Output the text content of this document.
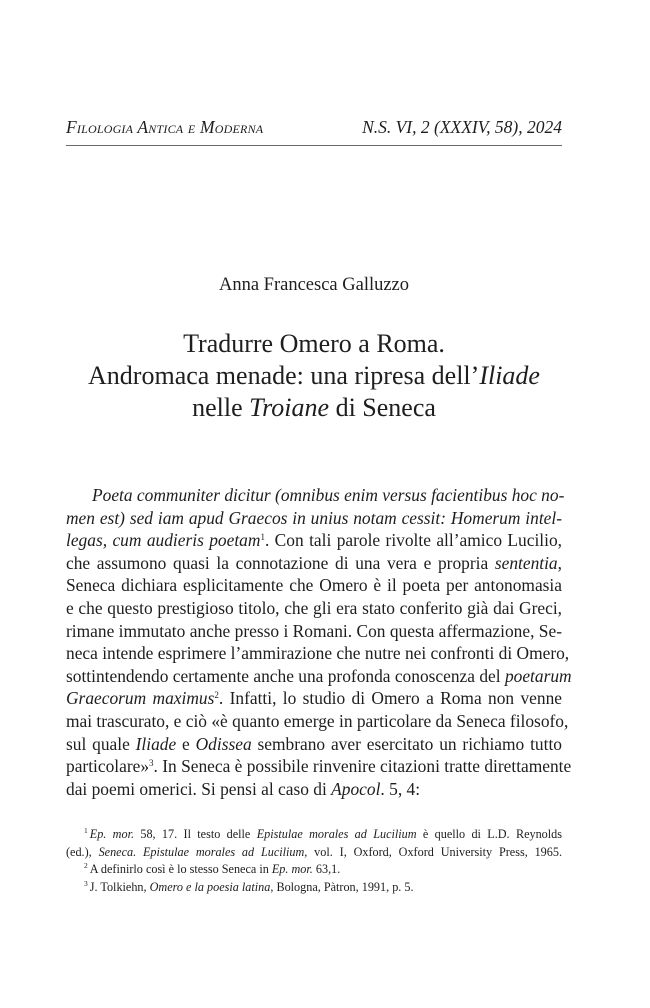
Filologia Antica e Moderna	N.S. VI, 2 (XXXIV, 58), 2024
Anna Francesca Galluzzo
Tradurre Omero a Roma.
Andromaca menade: una ripresa dell’Iliade
nelle Troiane di Seneca

Poeta communiter dicitur (omnibus enim versus facientibus hoc no-
men est) sed iam apud Graecos in unius notam cessit: Homerum intel-
legas, cum audieris poetam$^1$. Con tali parole rivolte all’amico Lucilio,
che assumono quasi la connotazione di una vera e propria sententia,
Seneca dichiara esplicitamente che Omero è il poeta per antonomasia
e che questo prestigioso titolo, che gli era stato conferito già dai Greci,
rimane immutato anche presso i Romani. Con questa affermazione, Se-
neca intende esprimere l’ammirazione che nutre nei confronti di Omero,
sottintendendo certamente anche una profonda conoscenza del poetarum
Graecorum maximus$^2$. Infatti, lo studio di Omero a Roma non venne
mai trascurato, e ciò «è quanto emerge in particolare da Seneca filosofo,
sul quale Iliade e Odissea sembrano aver esercitato un richiamo tutto
particolare»$^3$. In Seneca è possibile rinvenire citazioni tratte direttamente
dai poemi omerici. Si pensi al caso di Apocol. 5, 4:

$^1$ Ep. mor. 58, 17. Il testo delle Epistulae morales ad Lucilium è quello di L.D. Reynolds
(ed.), Seneca. Epistulae morales ad Lucilium, vol. I, Oxford, Oxford University Press, 1965.
$^2$ A definirlo così è lo stesso Seneca in Ep. mor. 63,1.
$^3$ J. Tolkiehn, Omero e la poesia latina, Bologna, Pàtron, 1991, p. 5.
